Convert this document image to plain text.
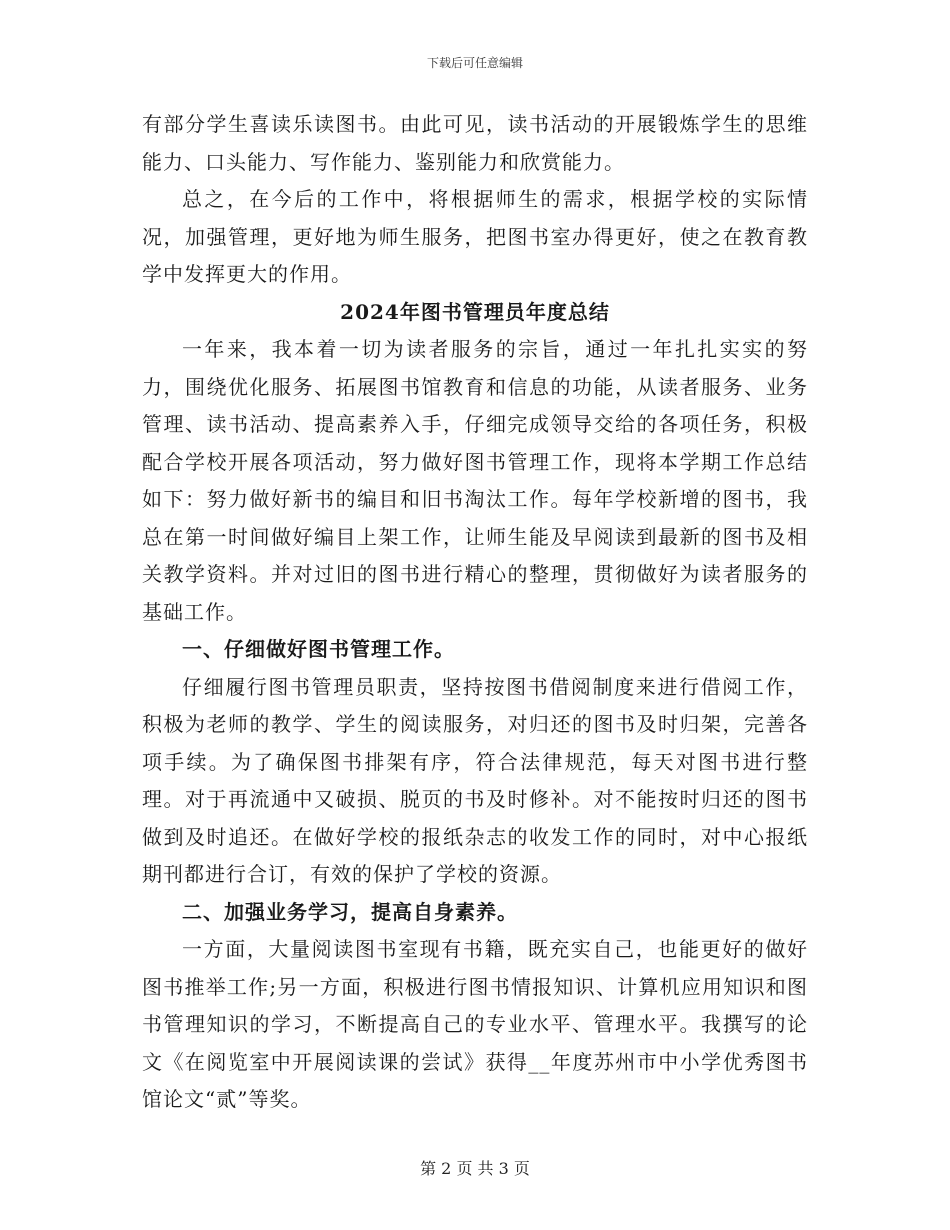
下载后可任意编辑

有部分学生喜读乐读图书。由此可见，读书活动的开展锻炼学生的思维能力、口头能力、写作能力、鉴别能力和欣赏能力。

总之，在今后的工作中，将根据师生的需求，根据学校的实际情况，加强管理，更好地为师生服务，把图书室办得更好，使之在教育教学中发挥更大的作用。

2024年图书管理员年度总结

一年来，我本着一切为读者服务的宗旨，通过一年扎扎实实的努力，围绕优化服务、拓展图书馆教育和信息的功能，从读者服务、业务管理、读书活动、提高素养入手，仔细完成领导交给的各项任务，积极配合学校开展各项活动，努力做好图书管理工作，现将本学期工作总结如下：努力做好新书的编目和旧书淘汰工作。每年学校新增的图书，我总在第一时间做好编目上架工作，让师生能及早阅读到最新的图书及相关教学资料。并对过旧的图书进行精心的整理，贯彻做好为读者服务的基础工作。

一、仔细做好图书管理工作。

仔细履行图书管理员职责，坚持按图书借阅制度来进行借阅工作，积极为老师的教学、学生的阅读服务，对归还的图书及时归架，完善各项手续。为了确保图书排架有序，符合法律规范，每天对图书进行整理。对于再流通中又破损、脱页的书及时修补。对不能按时归还的图书做到及时追还。在做好学校的报纸杂志的收发工作的同时，对中心报纸期刊都进行合订，有效的保护了学校的资源。

二、加强业务学习，提高自身素养。

一方面，大量阅读图书室现有书籍，既充实自己，也能更好的做好图书推举工作;另一方面，积极进行图书情报知识、计算机应用知识和图书管理知识的学习，不断提高自己的专业水平、管理水平。我撰写的论文《在阅览室中开展阅读课的尝试》获得__年度苏州市中小学优秀图书馆论文“贰”等奖。

第 2 页 共 3 页
